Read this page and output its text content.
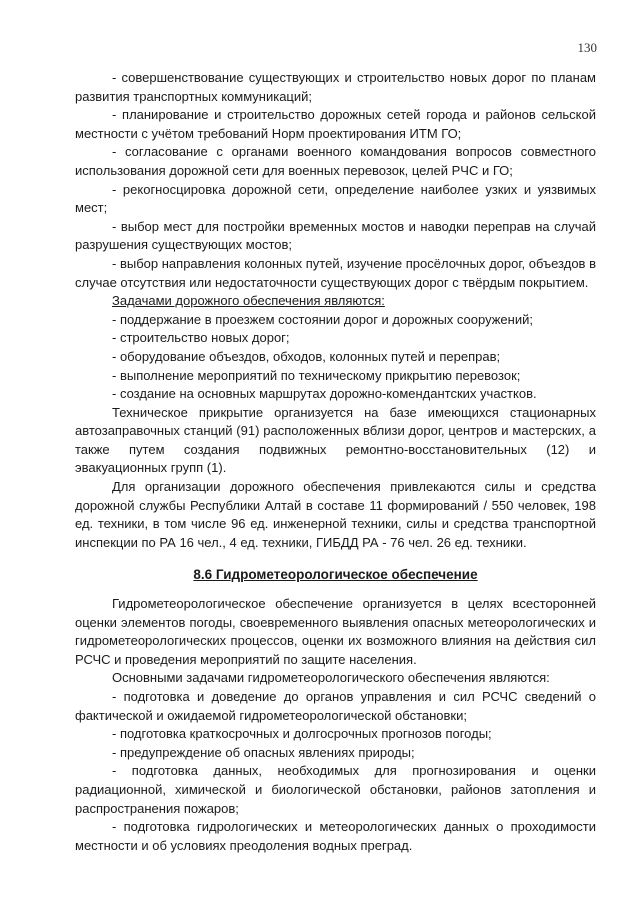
130

- совершенствование существующих и строительство новых дорог по планам развития транспортных коммуникаций;

- планирование и строительство дорожных сетей города и районов сельской местности с учётом требований Норм проектирования ИТМ ГО;

- согласование с органами военного командования вопросов совместного использования дорожной сети для военных перевозок, целей РЧС и ГО;

- рекогносцировка дорожной сети, определение наиболее узких и уязвимых мест;

- выбор мест для постройки временных мостов и наводки переправ на случай разрушения существующих мостов;

- выбор направления колонных путей, изучение просёлочных дорог, объездов в случае отсутствия или недостаточности существующих дорог с твёрдым покрытием.

Задачами дорожного обеспечения являются:

- поддержание в проезжем состоянии дорог и дорожных сооружений;

- строительство новых дорог;

- оборудование объездов, обходов, колонных путей и переправ;

- выполнение мероприятий по техническому прикрытию перевозок;

- создание на основных маршрутах дорожно-комендантских участков.

Техническое прикрытие организуется на базе имеющихся стационарных автозаправочных станций (91) расположенных вблизи дорог, центров и мастерских, а также путем создания подвижных ремонтно-восстановительных (12) и эвакуационных групп (1).

Для организации дорожного обеспечения привлекаются силы и средства дорожной службы Республики Алтай в составе 11 формирований / 550 человек, 198 ед. техники, в том числе 96 ед. инженерной техники, силы и средства транспортной инспекции по РА 16 чел., 4 ед. техники, ГИБДД РА - 76 чел. 26 ед. техники.

8.6 Гидрометеорологическое обеспечение

Гидрометеорологическое обеспечение организуется в целях всесторонней оценки элементов погоды, своевременного выявления опасных метеорологических и гидрометеорологических процессов, оценки их возможного влияния на действия сил РСЧС и проведения мероприятий по защите населения.

Основными задачами гидрометеорологического обеспечения являются:

- подготовка и доведение до органов управления и сил РСЧС сведений о фактической и ожидаемой гидрометеорологической обстановки;

- подготовка краткосрочных и долгосрочных прогнозов погоды;

- предупреждение об опасных явлениях природы;

- подготовка данных, необходимых для прогнозирования и оценки радиационной, химической и биологической обстановки, районов затопления и распространения пожаров;

- подготовка гидрологических и метеорологических данных о проходимости местности и об условиях преодоления водных преград.
